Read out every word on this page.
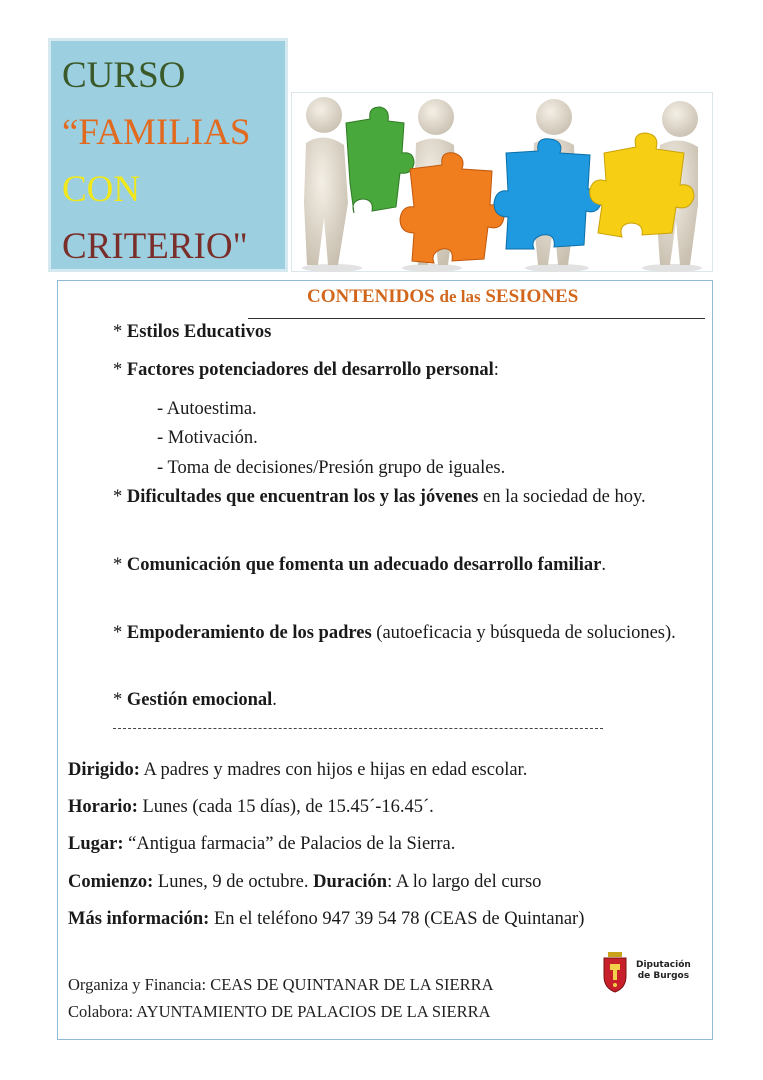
CURSO
“FAMILIAS
CON
CRITERIO"
CONTENIDOS de las SESIONES
* Estilos Educativos
* Factores potenciadores del desarrollo personal:
- Autoestima.
- Motivación.
- Toma de decisiones/Presión grupo de iguales.
* Dificultades que encuentran los y las jóvenes en la sociedad de hoy.
* Comunicación que fomenta un adecuado desarrollo familiar.
* Empoderamiento de los padres (autoeficacia y búsqueda de soluciones).
* Gestión emocional.
Dirigido: A padres y madres con hijos e hijas en edad escolar.
Horario: Lunes (cada 15 días), de 15.45´-16.45´.
Lugar: “Antigua farmacia” de Palacios de la Sierra.
Comienzo: Lunes, 9 de octubre. Duración: A lo largo del curso
Más información: En el teléfono 947 39 54 78 (CEAS de Quintanar)
Organiza y Financia: CEAS DE QUINTANAR DE LA SIERRA
Colabora: AYUNTAMIENTO DE PALACIOS DE LA SIERRA
Diputación
de Burgos
